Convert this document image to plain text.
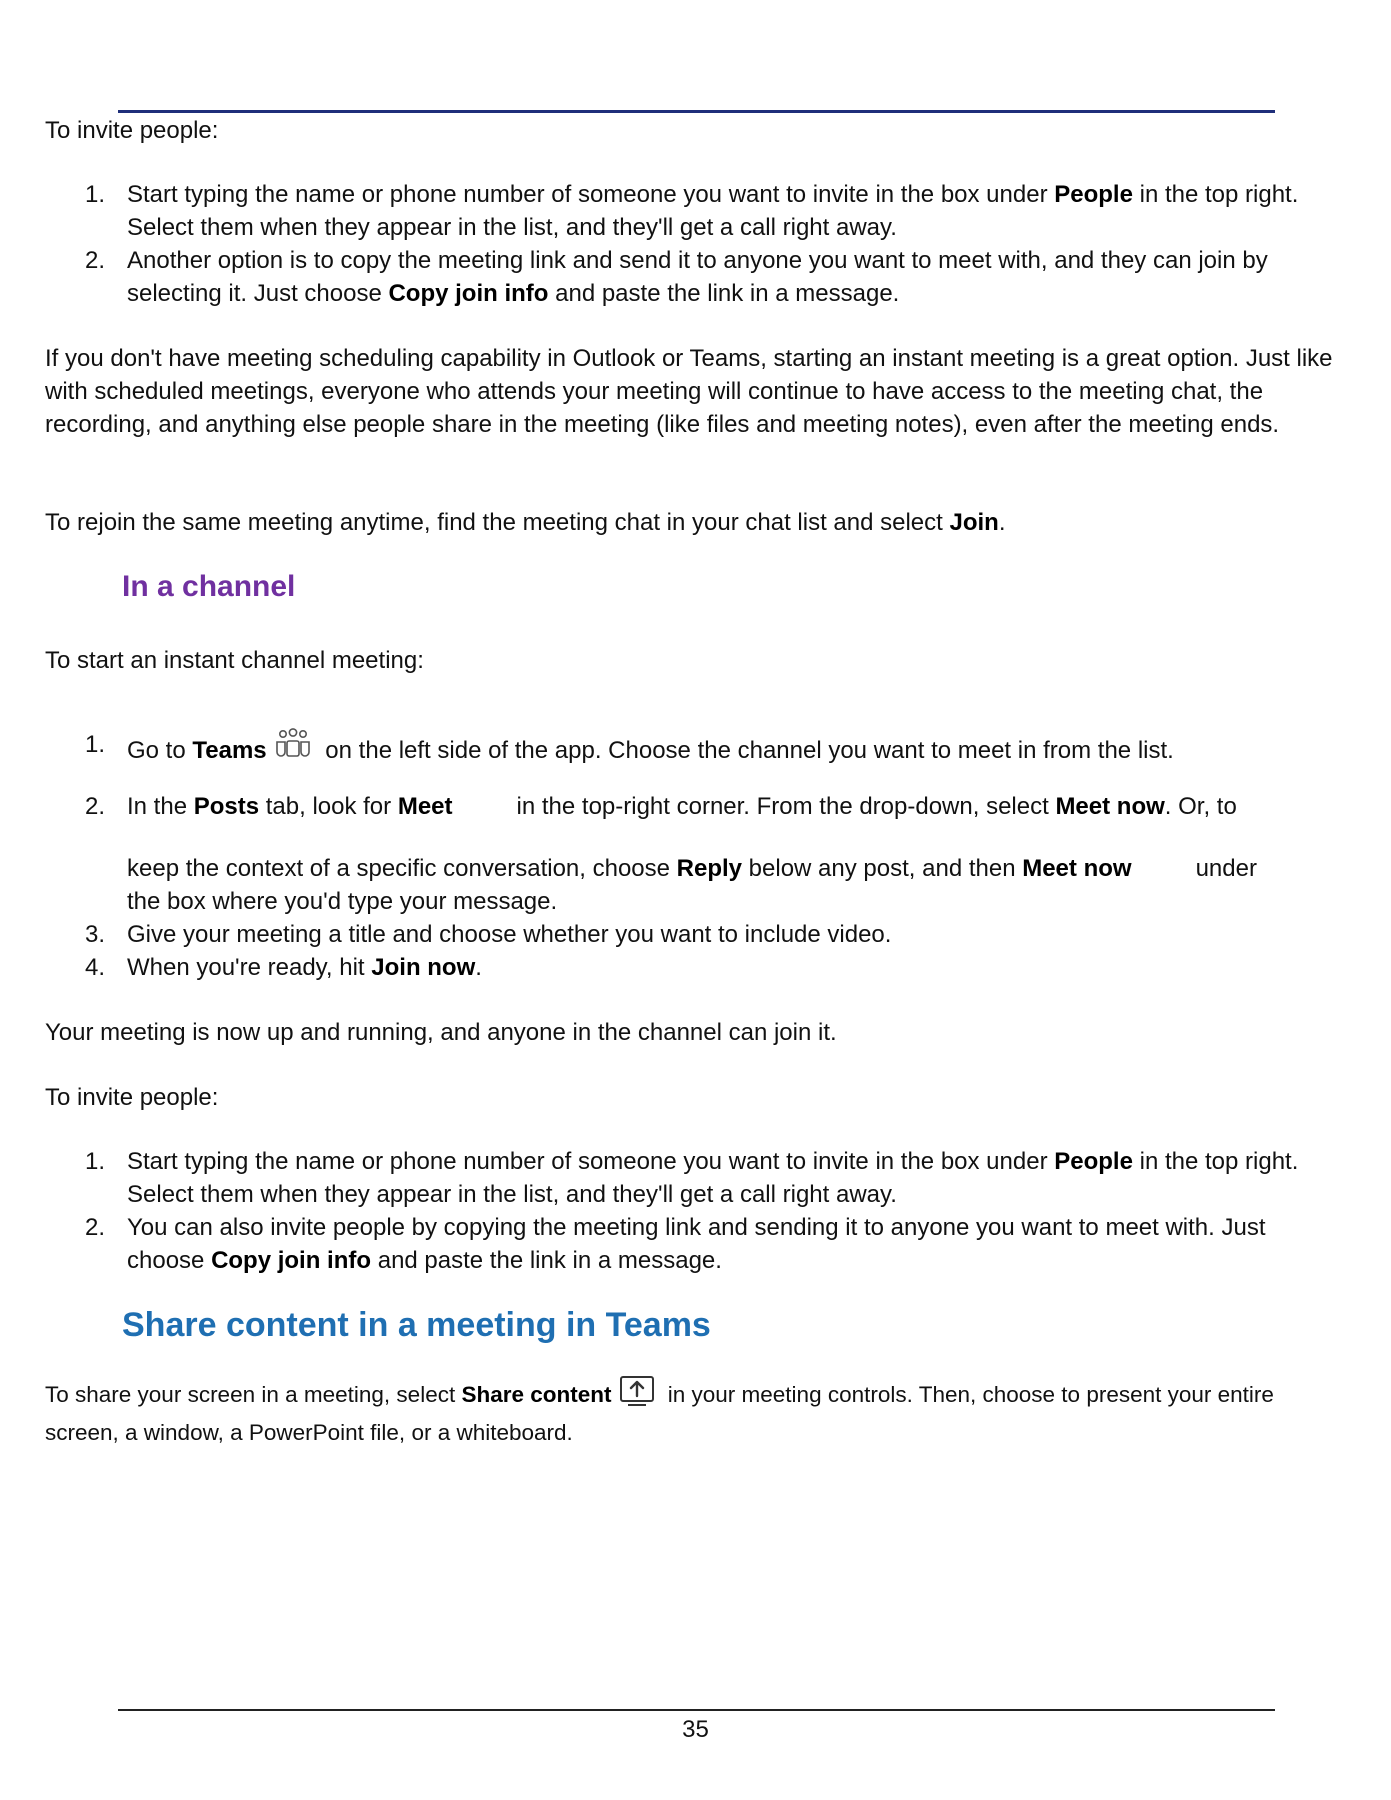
To invite people:

1. Start typing the name or phone number of someone you want to invite in the box under People in the top right. Select them when they appear in the list, and they'll get a call right away.
2. Another option is to copy the meeting link and send it to anyone you want to meet with, and they can join by selecting it. Just choose Copy join info and paste the link in a message.

If you don't have meeting scheduling capability in Outlook or Teams, starting an instant meeting is a great option. Just like with scheduled meetings, everyone who attends your meeting will continue to have access to the meeting chat, the recording, and anything else people share in the meeting (like files and meeting notes), even after the meeting ends.

To rejoin the same meeting anytime, find the meeting chat in your chat list and select Join.

In a channel

To start an instant channel meeting:

1. Go to Teams on the left side of the app. Choose the channel you want to meet in from the list.
2. In the Posts tab, look for Meet	in the top-right corner. From the drop-down, select Meet now. Or, to
keep the context of a specific conversation, choose Reply below any post, and then Meet now	under
the box where you'd type your message.
3. Give your meeting a title and choose whether you want to include video.
4. When you're ready, hit Join now.

Your meeting is now up and running, and anyone in the channel can join it.

To invite people:

1. Start typing the name or phone number of someone you want to invite in the box under People in the top right. Select them when they appear in the list, and they'll get a call right away.
2. You can also invite people by copying the meeting link and sending it to anyone you want to meet with. Just choose Copy join info and paste the link in a message.
Share content in a meeting in Teams

To share your screen in a meeting, select Share content in your meeting controls. Then, choose to present your entire screen, a window, a PowerPoint file, or a whiteboard.

35
